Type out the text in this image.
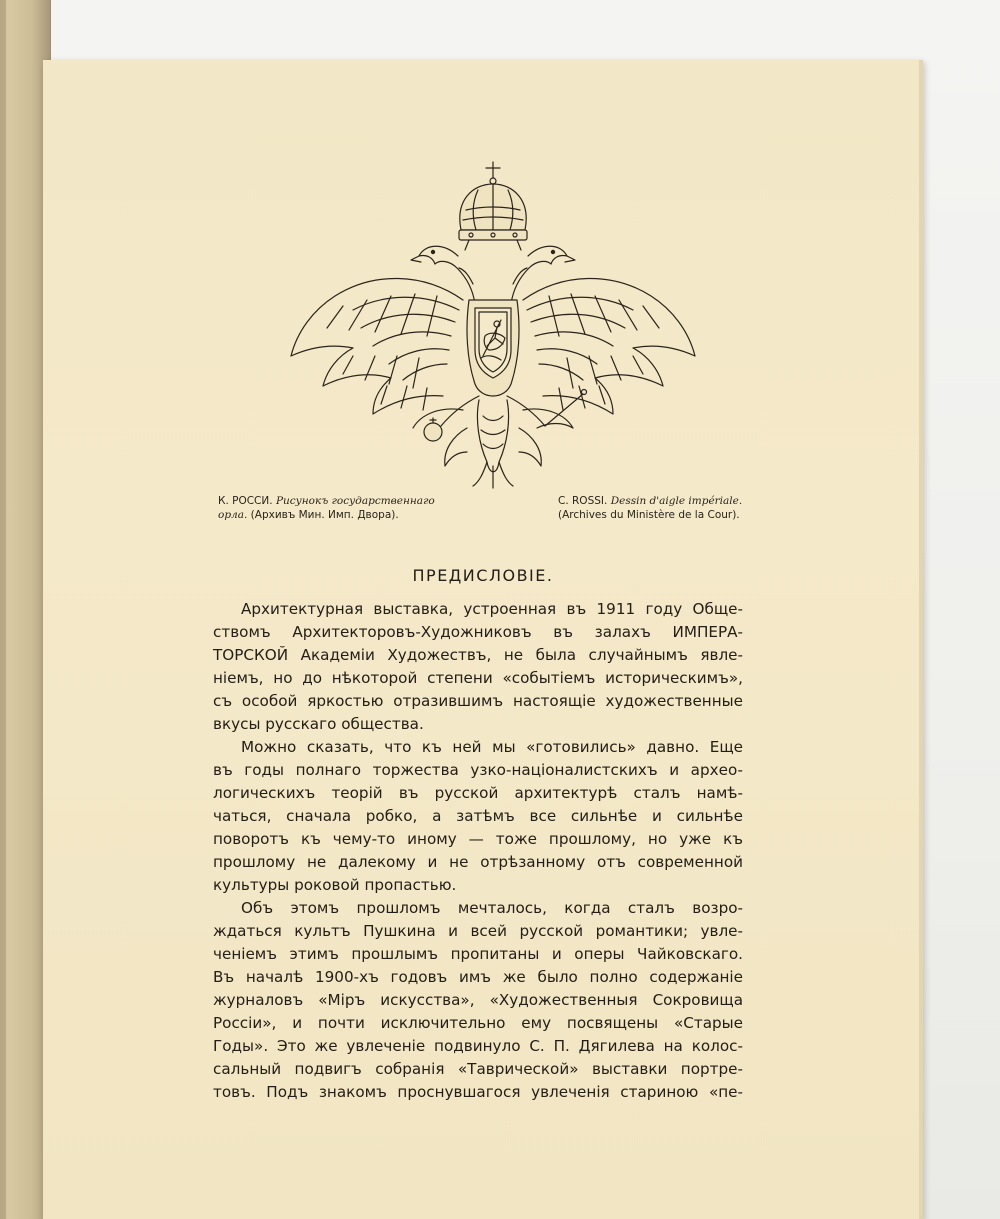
К. РОССИ. Рисунокъ государственнаго
орла. (Архивъ Мин. Имп. Двора).
C. ROSSI. Dessin d'aigle impériale.
(Archives du Ministère de la Cour).
ПРЕДИСЛОВІЕ.
Архитектурная выставка, устроенная въ 1911 году Обще-
ствомъ Архитекторовъ-Художниковъ въ залахъ ИМПЕРА-
ТОРСКОЙ Академіи Художествъ, не была случайнымъ явле-
ніемъ, но до нѣкоторой степени «событіемъ историческимъ»,
съ особой яркостью отразившимъ настоящіе художественные
вкусы русскаго общества.
Можно сказать, что къ ней мы «готовились» давно. Еще
въ годы полнаго торжества узко-націоналистскихъ и археo-
логическихъ теорій въ русской архитектурѣ сталъ намѣ-
чаться, сначала робко, а затѣмъ все сильнѣе и сильнѣе
поворотъ къ чему-то иному — тоже прошлому, но уже къ
прошлому не далекому и не отрѣзанному отъ современной
культуры роковой пропастью.
Объ этомъ прошломъ мечталось, когда сталъ возро-
ждаться культъ Пушкина и всей русской романтики; увле-
ченіемъ этимъ прошлымъ пропитаны и оперы Чайковскаго.
Въ началѣ 1900-хъ годовъ имъ же было полно содержаніе
журналовъ «Міръ искусства», «Художественныя Сокровища
Россіи», и почти исключительно ему посвящены «Старые
Годы». Это же увлеченіе подвинуло С. П. Дягилева на колос-
сальный подвигъ собранія «Таврической» выставки портре-
товъ. Подъ знакомъ проснувшагося увлеченія стариною «пе-
